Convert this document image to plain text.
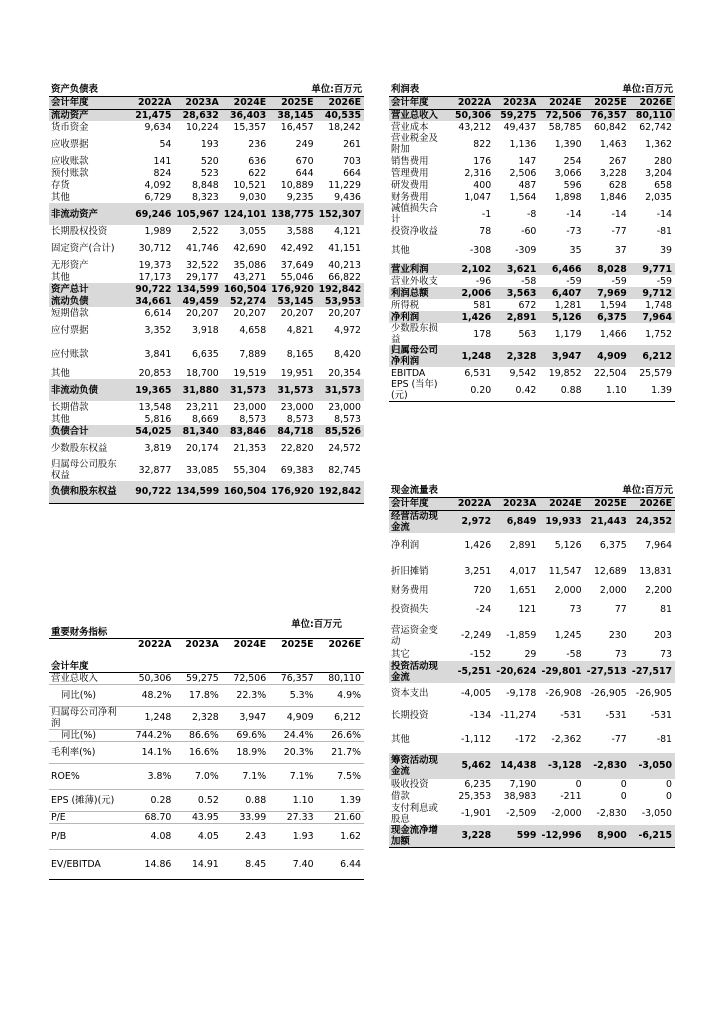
资产负债表			单位:百万元		
会计年度	2022A	2023A	2024E	2025E	2026E
流动资产	21,475	28,632	36,403	38,145	40,535
货币资金	9,634	10,224	15,357	16,457	18,242
应收票据	54	193	236	249	261
应收账款	141	520	636	670	703
预付账款	824	523	622	644	664
存货	4,092	8,848	10,521	10,889	11,229
其他	6,729	8,323	9,030	9,235	9,436
非流动资产	69,246	105,967	124,101	138,775	152,307
长期股权投资	1,989	2,522	3,055	3,588	4,121
固定资产(合计)	30,712	41,746	42,690	42,492	41,151
无形资产	19,373	32,522	35,086	37,649	40,213
其他	17,173	29,177	43,271	55,046	66,822
资产总计	90,722	134,599	160,504	176,920	192,842
流动负债	34,661	49,459	52,274	53,145	53,953
短期借款	6,614	20,207	20,207	20,207	20,207
应付票据	3,352	3,918	4,658	4,821	4,972
应付账款	3,841	6,635	7,889	8,165	8,420
其他	20,853	18,700	19,519	19,951	20,354
非流动负债	19,365	31,880	31,573	31,573	31,573
长期借款	13,548	23,211	23,000	23,000	23,000
其他	5,816	8,669	8,573	8,573	8,573
负债合计	54,025	81,340	83,846	84,718	85,526
少数股东权益	3,819	20,174	21,353	22,820	24,572
归属母公司股东权益	32,877	33,085	55,304	69,383	82,745
负债和股东权益	90,722	134,599	160,504	176,920	192,842
重要财务指标				单位:百万元	
会计年度	2022A	2023A	2024E	2025E	2026E
营业总收入	50,306	59,275	72,506	76,357	80,110
同比(%)	48.2%	17.8%	22.3%	5.3%	4.9%
归属母公司净利润	1,248	2,328	3,947	4,909	6,212
同比(%)	744.2%	86.6%	69.6%	24.4%	26.6%
毛利率(%)	14.1%	16.6%	18.9%	20.3%	21.7%
ROE%	3.8%	7.0%	7.1%	7.1%	7.5%
EPS (摊薄)(元)	0.28	0.52	0.88	1.10	1.39
P/E	68.70	43.95	33.99	27.33	21.60
P/B	4.08	4.05	2.43	1.93	1.62
EV/EBITDA	14.86	14.91	8.45	7.40	6.44
利润表			单位:百万元		
会计年度	2022A	2023A	2024E	2025E	2026E
营业总收入	50,306	59,275	72,506	76,357	80,110
营业成本	43,212	49,437	58,785	60,842	62,742
营业税金及附加	822	1,136	1,390	1,463	1,362
销售费用	176	147	254	267	280
管理费用	2,316	2,506	3,066	3,228	3,204
研发费用	400	487	596	628	658
财务费用	1,047	1,564	1,898	1,846	2,035
减值损失合计	-1	-8	-14	-14	-14
投资净收益	78	-60	-73	-77	-81
其他	-308	-309	35	37	39
营业利润	2,102	3,621	6,466	8,028	9,771
营业外收支	-96	-58	-59	-59	-59
利润总额	2,006	3,563	6,407	7,969	9,712
所得税	581	672	1,281	1,594	1,748
净利润	1,426	2,891	5,126	6,375	7,964
少数股东损益	178	563	1,179	1,466	1,752
归属母公司净利润	1,248	2,328	3,947	4,909	6,212
EBITDA	6,531	9,542	19,852	22,504	25,579
EPS (当年)(元)	0.20	0.42	0.88	1.10	1.39
现金流量表			单位:百万元		
会计年度	2022A	2023A	2024E	2025E	2026E
经营活动现金流	2,972	6,849	19,933	21,443	24,352
净利润	1,426	2,891	5,126	6,375	7,964
折旧摊销	3,251	4,017	11,547	12,689	13,831
财务费用	720	1,651	2,000	2,000	2,200
投资损失	-24	121	73	77	81
营运资金变动	-2,249	-1,859	1,245	230	203
其它	-152	29	-58	73	73
投资活动现金流	-5,251	-20,624	-29,801	-27,513	-27,517
资本支出	-4,005	-9,178	-26,908	-26,905	-26,905
长期投资	-134	-11,274	-531	-531	-531
其他	-1,112	-172	-2,362	-77	-81
筹资活动现金流	5,462	14,438	-3,128	-2,830	-3,050
吸收投资	6,235	7,190	0	0	0
借款	25,353	38,983	-211	0	0
支付利息或股息	-1,901	-2,509	-2,000	-2,830	-3,050
现金流净增加额	3,228	599	-12,996	8,900	-6,215
